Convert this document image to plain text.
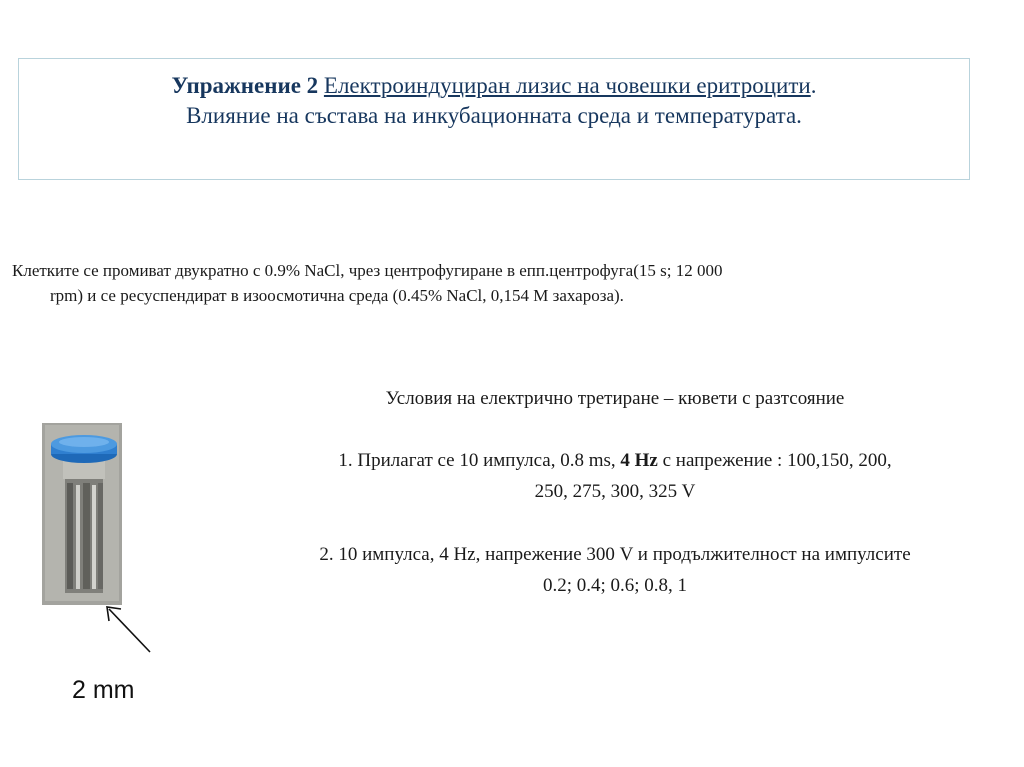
Упражнение 2 Електроиндуциран лизис на човешки еритроцити.
Влияние на състава на инкубационната среда и температурата.
Клетките се промиват двукратно с 0.9% NaCl, чрез центрофугиране в епп.центрофуга(15 s; 12 000
rpm) и се ресуспендират в изоосмотична среда (0.45% NaCl, 0,154 М захароза).
Условия на електрично третиране – кювети с разтсояние
1. Прилагат се 10 импулса, 0.8 ms, 4 Hz с напрежение : 100,150, 200,
250, 275, 300, 325 V
2. 10 импулса, 4 Hz, напрежение 300 V и продължителност на импулсите
0.2; 0.4; 0.6; 0.8, 1
2 mm
